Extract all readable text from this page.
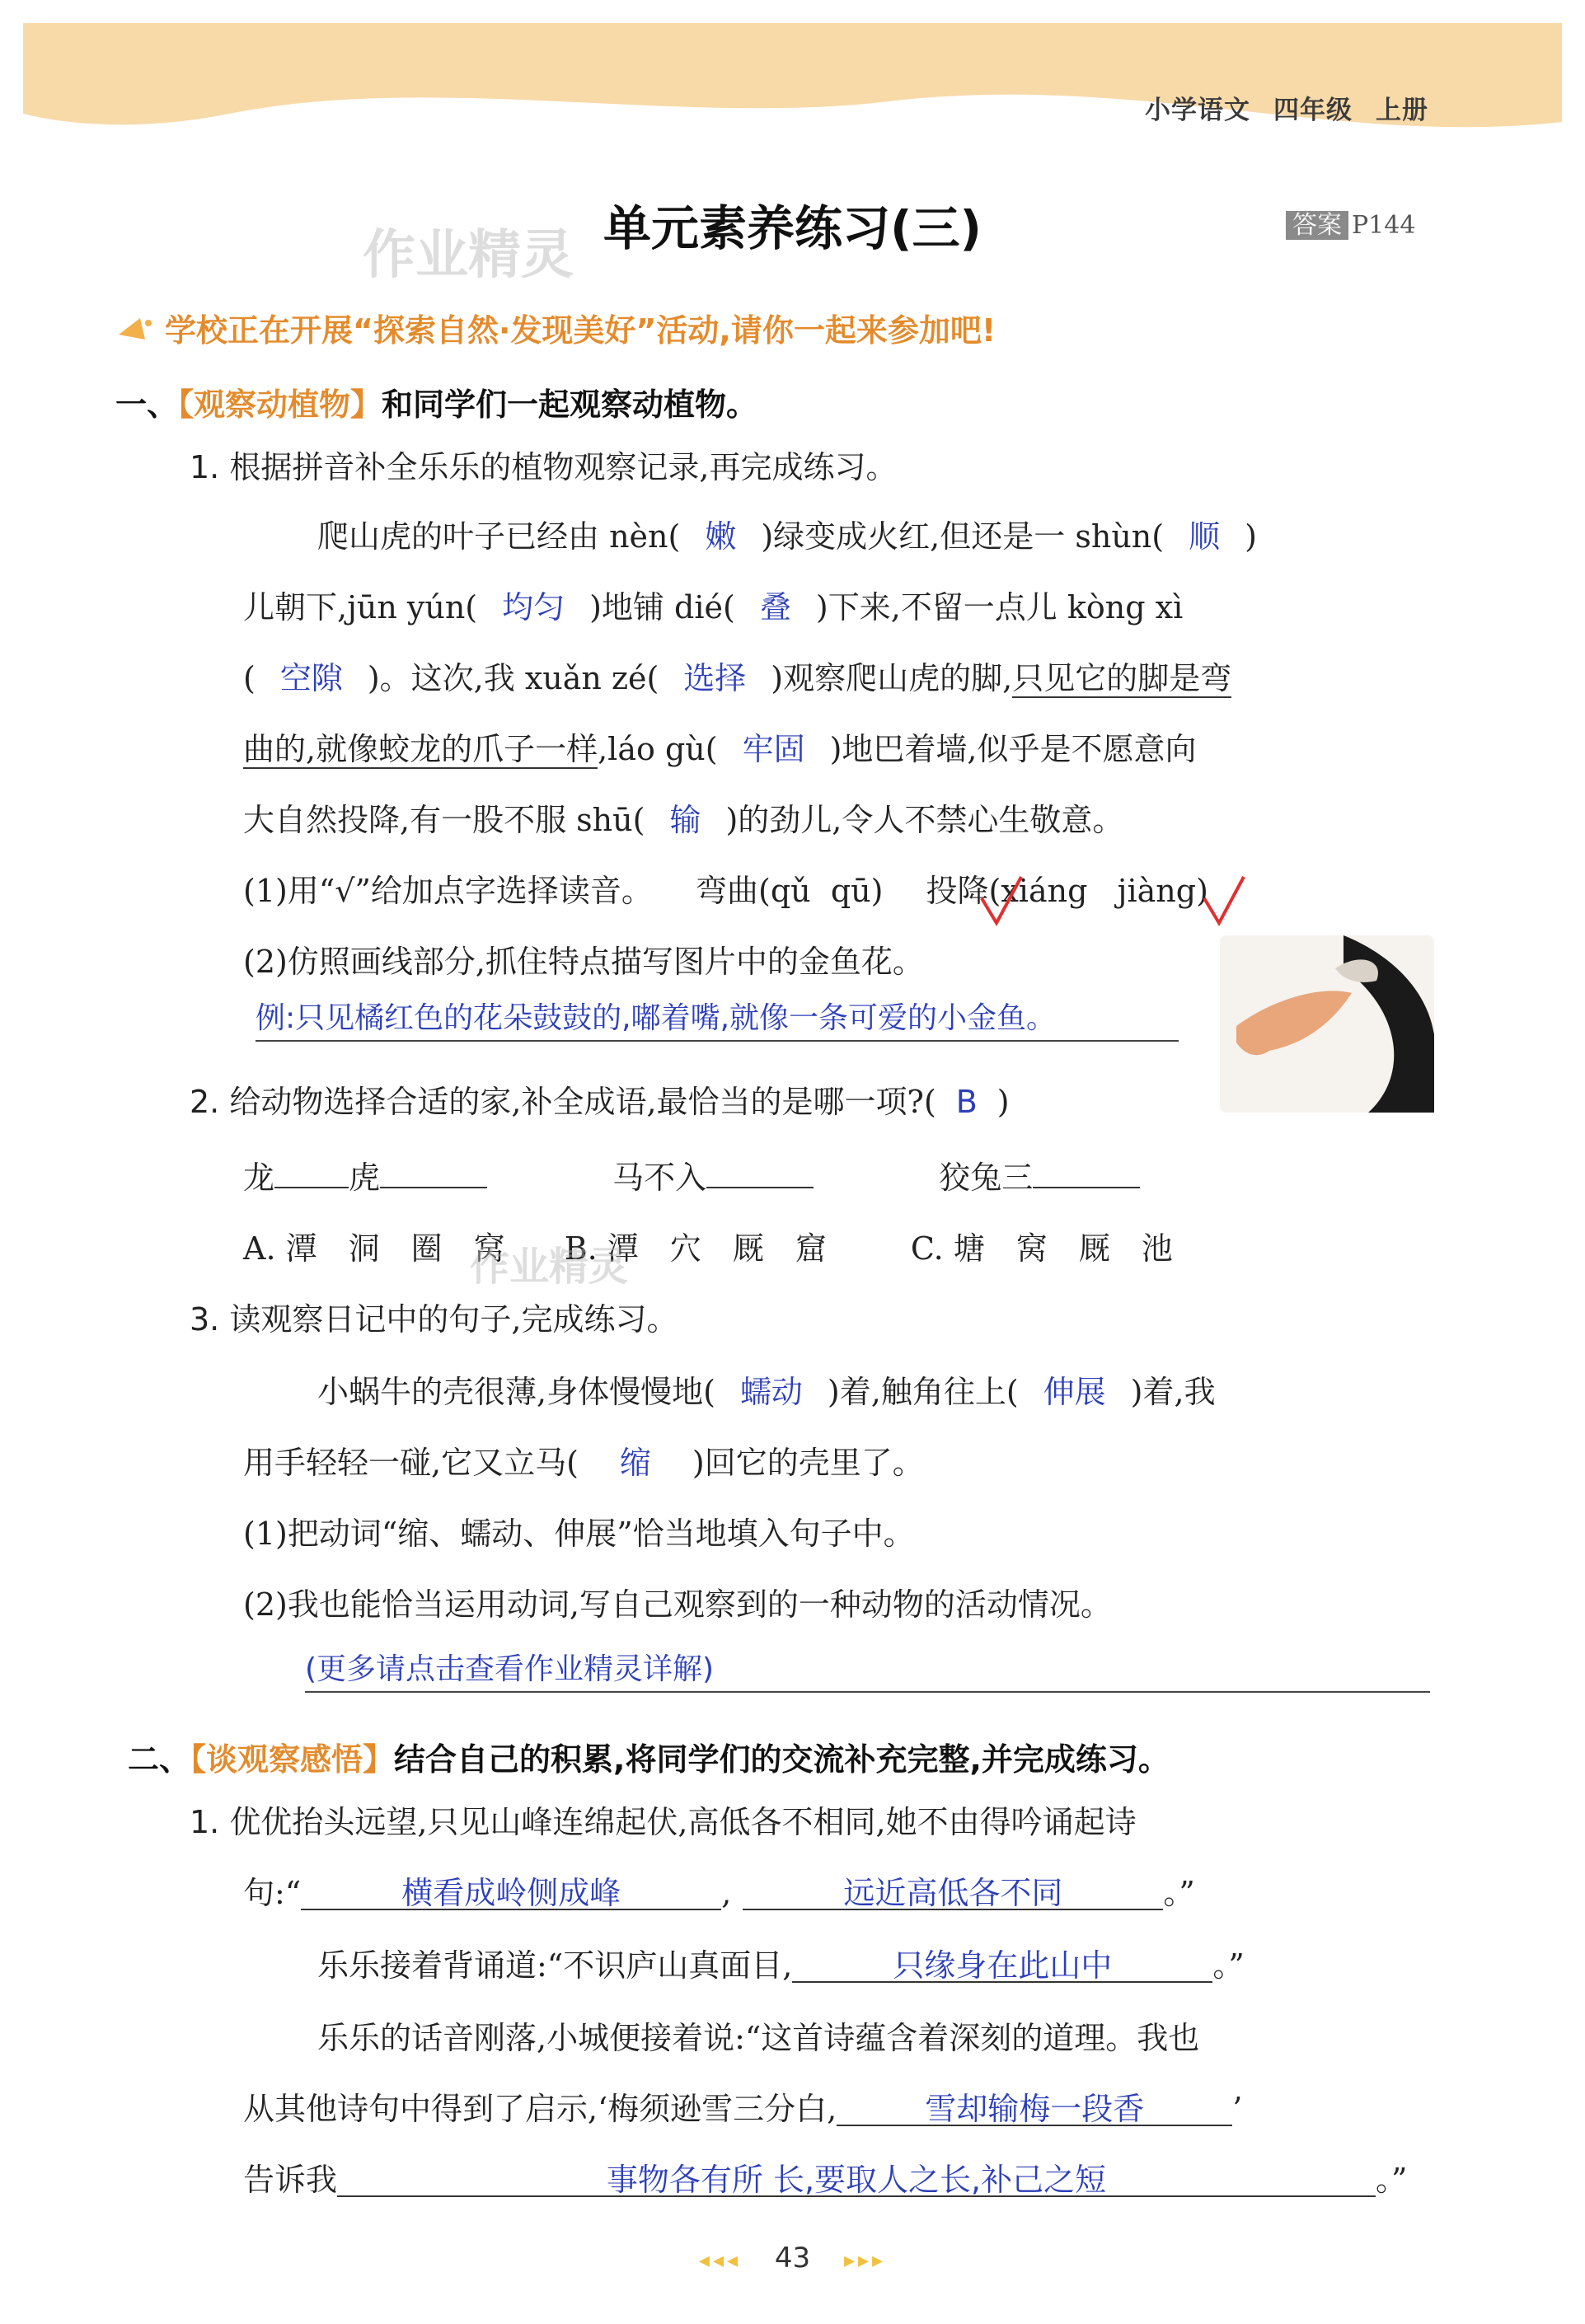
小学语文 四年级 上册
作业精灵 单元素养练习(三)	答案 P144
学校正在开展“探索自然·发现美好”活动,请你一起来参加吧!
一、【观察动植物】和同学们一起观察动植物。
1. 根据拼音补全乐乐的植物观察记录,再完成练习。
爬山虎的叶子已经由 nèn( 嫩 )绿变成火红,但还是一 shùn( 顺 )
儿朝下,jūn yún( 均匀 )地铺 dié( 叠 )下来,不留一点儿 kòng xì
( 空隙 )。这次,我 xuǎn zé( 选择 )观察爬山虎的脚,只见它的脚是弯
曲的,就像蛟龙的爪子一样,láo gù( 牢固 )地巴着墙,似乎是不愿意向
大自然投降,有一股不服 shū( 输 )的劲儿,令人不禁心生敬意。
(1)用“√”给加点字选择读音。 弯曲(qǔ qū) 投降(xiáng jiàng)
(2)仿照画线部分,抓住特点描写图片中的金鱼花。
例:只见橘红色的花朵鼓鼓的,嘟着嘴,就像一条可爱的小金鱼。
2. 给动物选择合适的家,补全成语,最恰当的是哪一项?( B )
龙 虎	马不入	狡兔三
A. 潭　洞　圈　窝 B. 潭　穴　厩　窟	C. 塘　窝　厩　池
作业精灵
3. 读观察日记中的句子,完成练习。
小蜗牛的壳很薄,身体慢慢地( 蠕动 )着,触角往上( 伸展 )着,我
用手轻轻一碰,它又立马( 缩 )回它的壳里了。
(1)把动词“缩、蠕动、伸展”恰当地填入句子中。
(2)我也能恰当运用动词,写自己观察到的一种动物的活动情况。
(更多请点击查看作业精灵详解)
二、【谈观察感悟】结合自己的积累,将同学们的交流补充完整,并完成练习。
1. 优优抬头远望,只见山峰连绵起伏,高低各不相同,她不由得吟诵起诗
句:“	横看成岭侧成峰	,	远近高低各不同	。”
乐乐接着背诵道:“不识庐山真面目,	只缘身在此山中	。”
乐乐的话音刚落,小城便接着说:“这首诗蕴含着深刻的道理。我也
从其他诗句中得到了启示,‘梅须逊雪三分白,	雪却输梅一段香	’
告诉我	事物各有所 长,要取人之长,补己之短	。”
◂◂◂ 43 ▸▸▸
